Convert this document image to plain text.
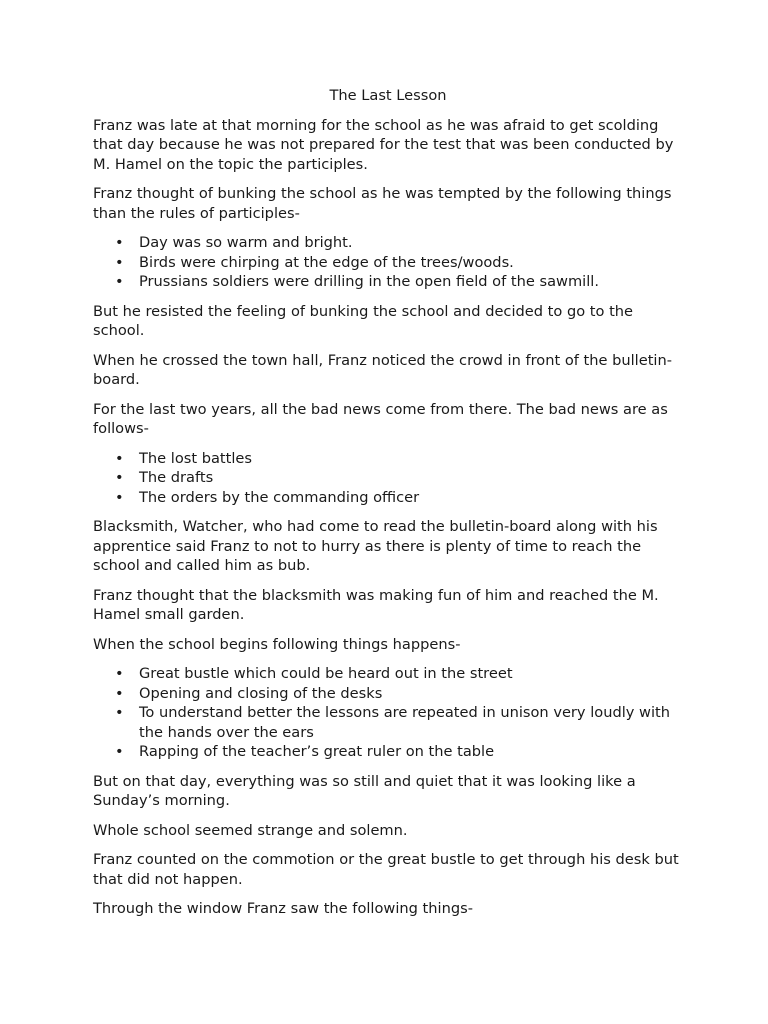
The Last Lesson

Franz was late at that morning for the school as he was afraid to get scolding that day because he was not prepared for the test that was been conducted by M. Hamel on the topic the participles.

Franz thought of bunking the school as he was tempted by the following things than the rules of participles-

• Day was so warm and bright.
• Birds were chirping at the edge of the trees/woods.
• Prussians soldiers were drilling in the open field of the sawmill.

But he resisted the feeling of bunking the school and decided to go to the school.

When he crossed the town hall, Franz noticed the crowd in front of the bulletin-board.

For the last two years, all the bad news come from there. The bad news are as follows-

• The lost battles
• The drafts
• The orders by the commanding officer

Blacksmith, Watcher, who had come to read the bulletin-board along with his apprentice said Franz to not to hurry as there is plenty of time to reach the school and called him as bub.

Franz thought that the blacksmith was making fun of him and reached the M. Hamel small garden.

When the school begins following things happens-

• Great bustle which could be heard out in the street
• Opening and closing of the desks
• To understand better the lessons are repeated in unison very loudly with the hands over the ears
• Rapping of the teacher’s great ruler on the table

But on that day, everything was so still and quiet that it was looking like a Sunday’s morning.

Whole school seemed strange and solemn.

Franz counted on the commotion or the great bustle to get through his desk but that did not happen.

Through the window Franz saw the following things-
